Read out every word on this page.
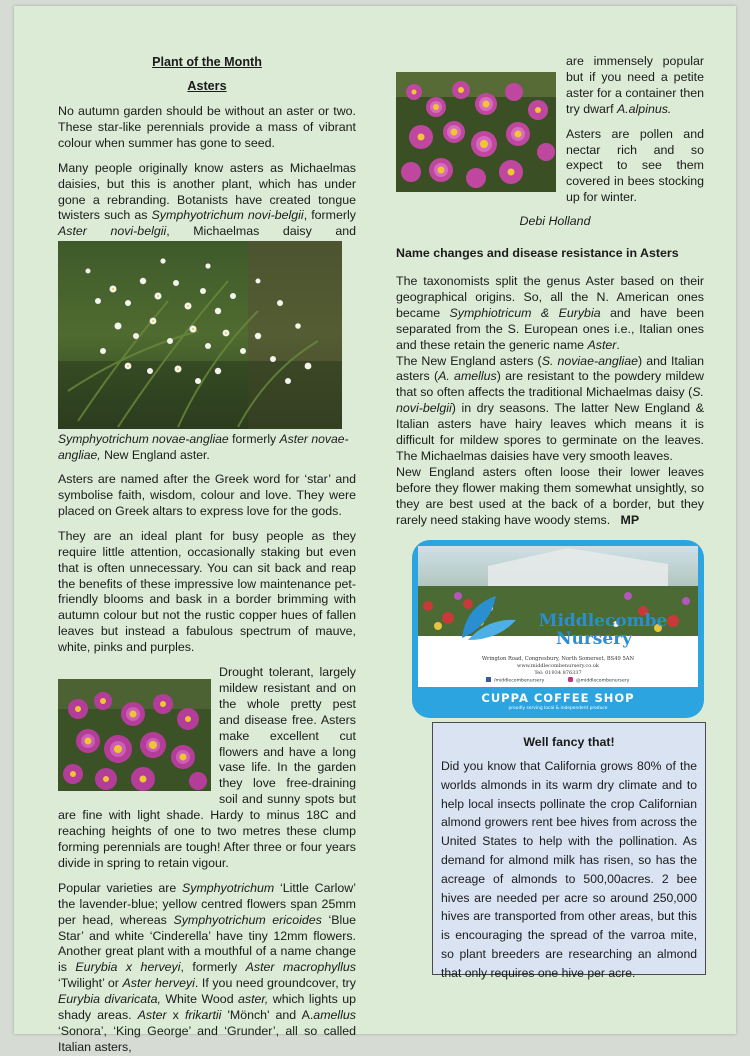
Plant of the Month
Asters

No autumn garden should be without an aster or two. These star-like perennials provide a mass of vibrant colour when summer has gone to seed.

Many people originally know asters as Michaelmas daisies, but this is another plant, which has under gone a rebranding. Botanists have created tongue twisters such as Symphyotrichum novi-belgii, formerly Aster novi-belgii, Michaelmas daisy and

Symphyotrichum novae-angliae formerly Aster novae-angliae, New England aster.

Asters are named after the Greek word for ‘star’ and symbolise faith, wisdom, colour and love. They were placed on Greek altars to express love for the gods.

They are an ideal plant for busy people as they require little attention, occasionally staking but even that is often unnecessary. You can sit back and reap the benefits of these impressive low maintenance pet-friendly blooms and bask in a border brimming with autumn colour but not the rustic copper hues of fallen leaves but instead a fabulous spectrum of mauve, white, pinks and purples.

Drought tolerant, largely mildew resistant and on the whole pretty pest and disease free. Asters make excellent cut flowers and have a long vase life. In the garden they love free-draining soil and sunny spots but are fine with light shade. Hardy to minus 18C and reaching heights of one to two metres these clump forming perennials are tough! After three or four years divide in spring to retain vigour.

Popular varieties are Symphyotrichum ‘Little Carlow’ the lavender-blue; yellow centred flowers span 25mm per head, whereas Symphyotrichum ericoides ‘Blue Star’ and white ‘Cinderella’ have tiny 12mm flowers. Another great plant with a mouthful of a name change is Eurybia x herveyi, formerly Aster macrophyllus ‘Twilight’ or Aster herveyi. If you need groundcover, try Eurybia divaricata, White Wood aster, which lights up shady areas. Aster x frikartii 'Mönch' and A.amellus ‘Sonora’, ‘King George’ and ‘Grunder’, all so called Italian asters,

are immensely popular but if you need a petite aster for a container then try dwarf A.alpinus.

Asters are pollen and nectar rich and so expect to see them covered in bees stocking up for winter.

Debi Holland

Name changes and disease resistance in Asters

The taxonomists split the genus Aster based on their geographical origins. So, all the N. American ones became Symphiotricum & Eurybia and have been separated from the S. European ones i.e., Italian ones and these retain the generic name Aster.

The New England asters (S. noviae-angliae) and Italian asters (A. amellus) are resistant to the powdery mildew that so often affects the traditional Michaelmas daisy (S. novi-belgii) in dry seasons. The latter New England & Italian asters have hairy leaves which means it is difficult for mildew spores to germinate on the leaves. The Michaelmas daisies have very smooth leaves.

New England asters often loose their lower leaves before they flower making them somewhat unsightly, so they are best used at the back of a border, but they rarely need staking have woody stems. MP

Middlecombe
Nursery
Wrington Road, Congresbury, North Somerset, BS49 5AN
www.middlecombenursery.co.uk
Tel: 01934 876337
/middlecombenursery	@middlecombenursery
CUPPA COFFEE SHOP
proudly serving local & independent produce
Well fancy that!

Did you know that California grows 80% of the worlds almonds in its warm dry climate and to help local insects pollinate the crop Californian almond growers rent bee hives from across the United States to help with the pollination. As demand for almond milk has risen, so has the acreage of almonds to 500,00acres. 2 bee hives are needed per acre so around 250,000 hives are transported from other areas, but this is encouraging the spread of the varroa mite, so plant breeders are researching an almond that only requires one hive per acre.
